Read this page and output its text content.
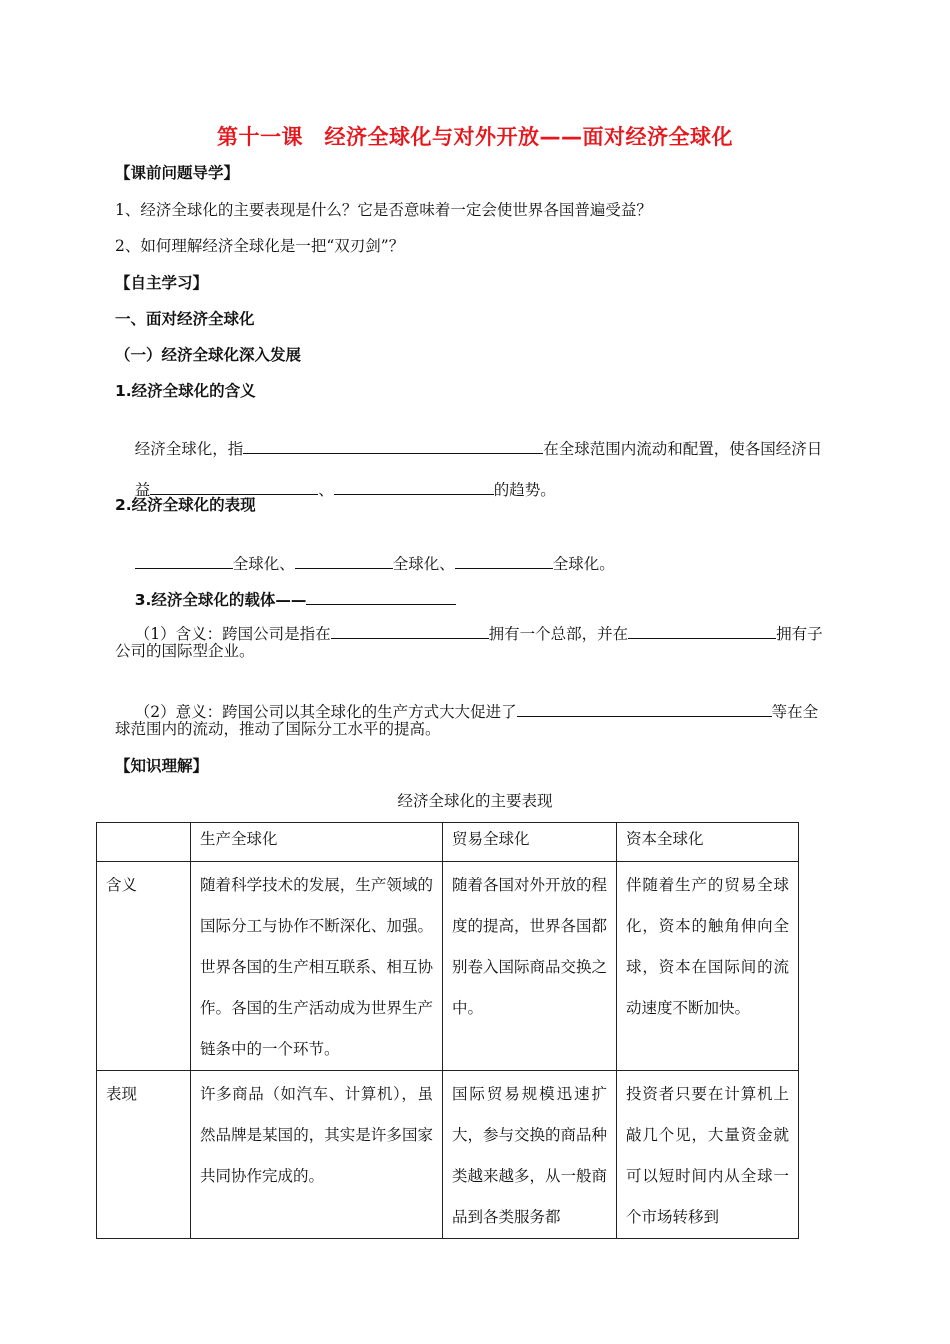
第十一课　经济全球化与对外开放——面对经济全球化
【课前问题导学】
1、经济全球化的主要表现是什么？它是否意味着一定会使世界各国普遍受益？
2、如何理解经济全球化是一把“双刃剑”？
【自主学习】
一、面对经济全球化
（一）经济全球化深入发展
1.经济全球化的含义

经济全球化，指	在全球范围内流动和配置，使各国经济日

益	、	的趋势。

2.经济全球化的表现

全球化、	全球化、	全球化。

3.经济全球化的载体——

（1）含义：跨国公司是指在	拥有一个总部，并在	拥有子

公司的国际型企业。

（2）意义：跨国公司以其全球化的生产方式大大促进了	等在全

球范围内的流动，推动了国际分工水平的提高。
【知识理解】
经济全球化的主要表现
	生产全球化	贸易全球化	资本全球化
含义	随着科学技术的发展，生产领域的国际分工与协作不断深化、加强。世界各国的生产相互联系、相互协作。各国的生产活动成为世界生产链条中的一个环节。	随着各国对外开放的程度的提高，世界各国都别卷入国际商品交换之中。	伴随着生产的贸易全球化，资本的触角伸向全球，资本在国际间的流动速度不断加快。
表现	许多商品（如汽车、计算机），虽然品牌是某国的，其实是许多国家共同协作完成的。	国际贸易规模迅速扩大，参与交换的商品种类越来越多，从一般商品到各类服务都	投资者只要在计算机上敲几个见，大量资金就可以短时间内从全球一个市场转移到
